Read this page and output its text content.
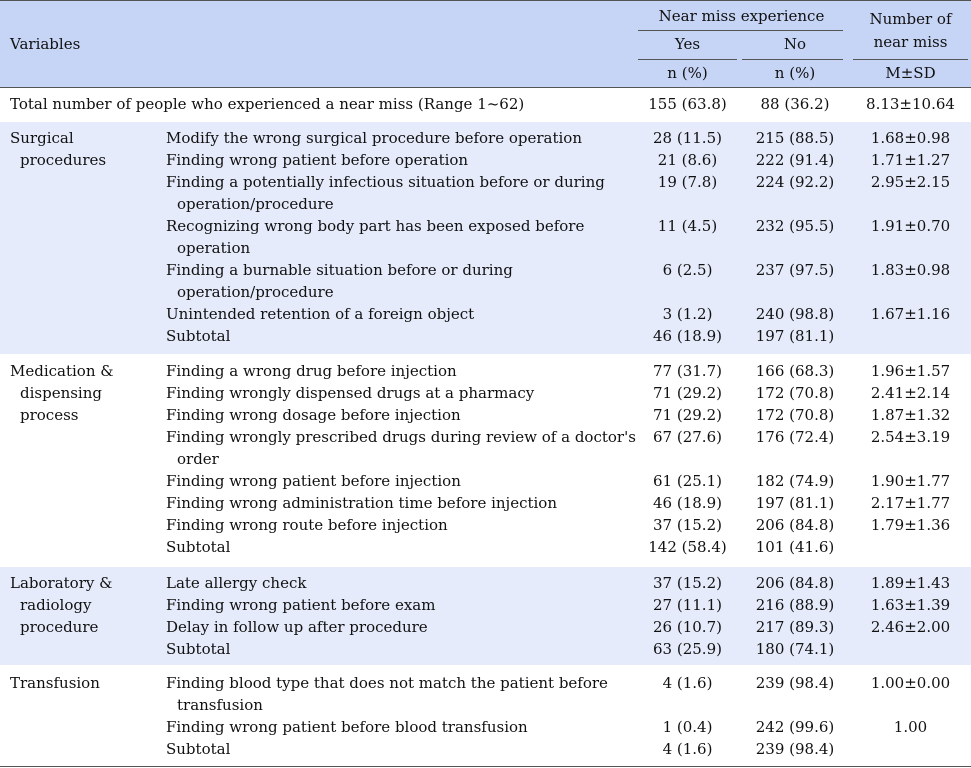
Variables
Near miss experience
Yes	No
n (%)	n (%)
Number of
near miss
M±SD
Total number of people who experienced a near miss (Range 1~62)	155 (63.8)	88 (36.2)	8.13±10.64
Surgical
procedures
Modify the wrong surgical procedure before operation	28 (11.5)	215 (88.5)	1.68±0.98
Finding wrong patient before operation	21 (8.6)	222 (91.4)	1.71±1.27
Finding a potentially infectious situation before or during
operation/procedure
19 (7.8)	224 (92.2)	2.95±2.15
Recognizing wrong body part has been exposed before
operation
11 (4.5)	232 (95.5)	1.91±0.70
Finding a burnable situation before or during
operation/procedure
6 (2.5)	237 (97.5)	1.83±0.98
Unintended retention of a foreign object	3 (1.2)	240 (98.8)	1.67±1.16
Subtotal	46 (18.9)	197 (81.1)
Medication &
dispensing
process
Finding a wrong drug before injection	77 (31.7)	166 (68.3)	1.96±1.57
Finding wrongly dispensed drugs at a pharmacy	71 (29.2)	172 (70.8)	2.41±2.14
Finding wrong dosage before injection	71 (29.2)	172 (70.8)	1.87±1.32
Finding wrongly prescribed drugs during review of a doctor's
order
67 (27.6)	176 (72.4)	2.54±3.19
Finding wrong patient before injection	61 (25.1)	182 (74.9)	1.90±1.77
Finding wrong administration time before injection	46 (18.9)	197 (81.1)	2.17±1.77
Finding wrong route before injection	37 (15.2)	206 (84.8)	1.79±1.36
Subtotal	142 (58.4)	101 (41.6)
Laboratory &
radiology
procedure
Late allergy check	37 (15.2)	206 (84.8)	1.89±1.43
Finding wrong patient before exam	27 (11.1)	216 (88.9)	1.63±1.39
Delay in follow up after procedure	26 (10.7)	217 (89.3)	2.46±2.00
Subtotal	63 (25.9)	180 (74.1)
Transfusion	Finding blood type that does not match the patient before
transfusion
4 (1.6)	239 (98.4)	1.00±0.00
Finding wrong patient before blood transfusion	1 (0.4)	242 (99.6)	1.00
Subtotal	4 (1.6)	239 (98.4)
